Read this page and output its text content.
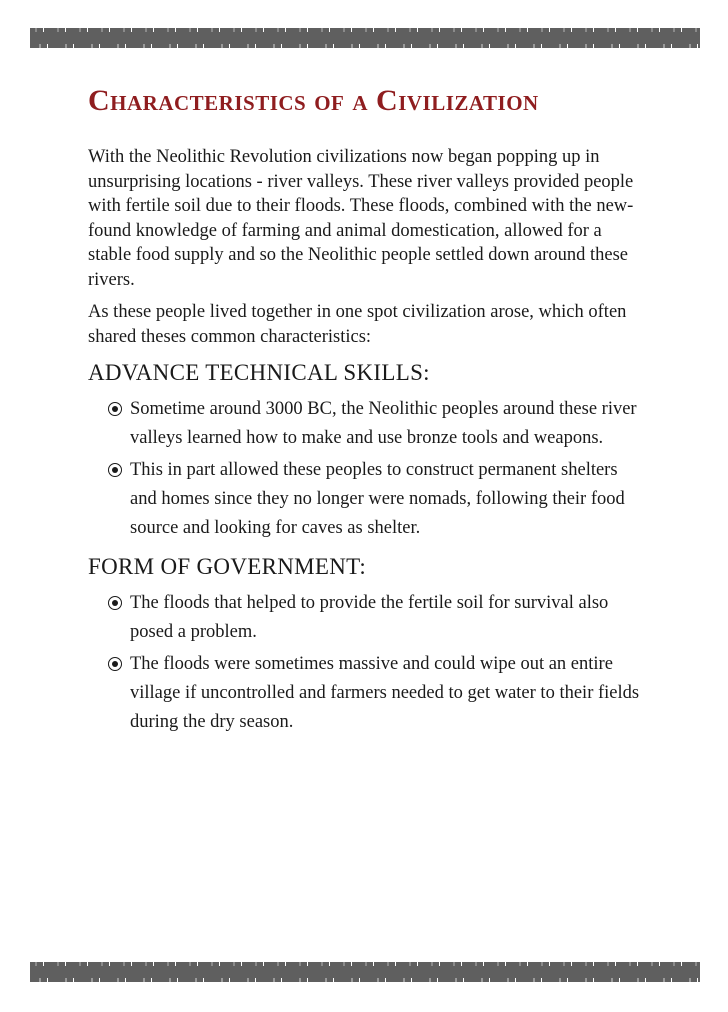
Characteristics of a Civilization

With the Neolithic Revolution civilizations now began popping up in unsurprising locations - river valleys. These river valleys provided people with fertile soil due to their floods. These floods, combined with the new-found knowledge of farming and animal domestication, allowed for a stable food supply and so the Neolithic people settled down around these rivers.

As these people lived together in one spot civilization arose, which often shared theses common characteristics:

ADVANCE TECHNICAL SKILLS:
Sometime around 3000 BC, the Neolithic peoples around these river valleys learned how to make and use bronze tools and weapons.
This in part allowed these peoples to construct permanent shelters and homes since they no longer were nomads, following their food source and looking for caves as shelter.
FORM OF GOVERNMENT:
The floods that helped to provide the fertile soil for survival also posed a problem.
The floods were sometimes massive and could wipe out an entire village if uncontrolled and farmers needed to get water to their fields during the dry season.
